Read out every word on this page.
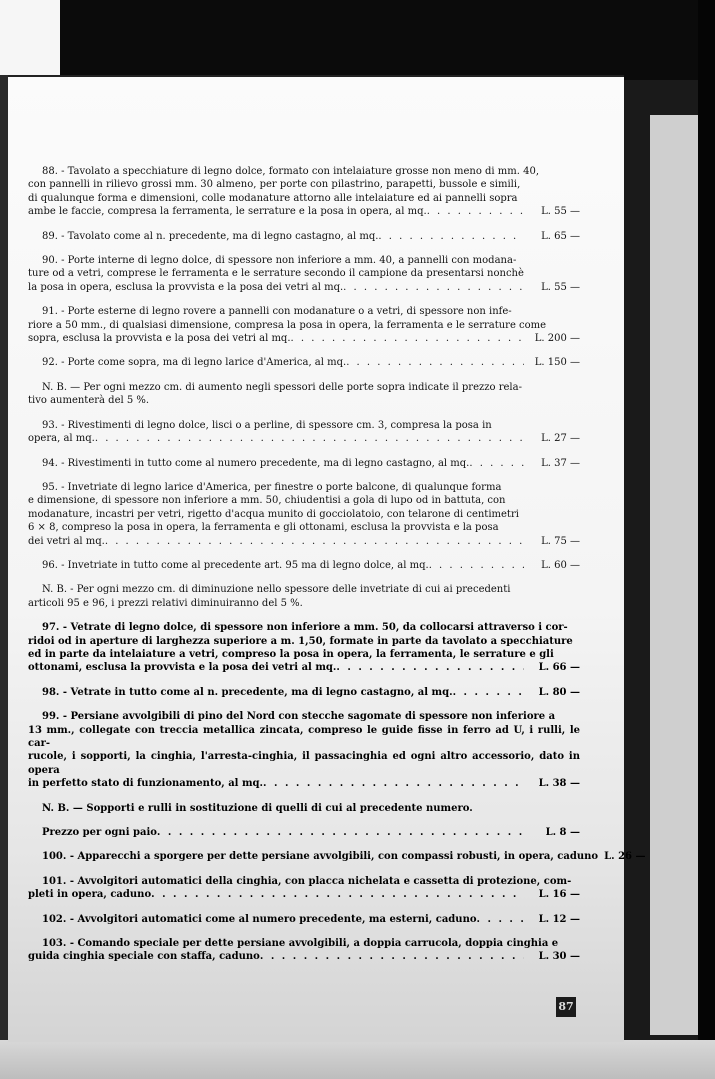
88. - Tavolato a specchiature di legno dolce, formato con intelaiature grosse non meno di mm. 40,

con pannelli in rilievo grossi mm. 30 almeno, per porte con pilastrino, parapetti, bussole e simili,

di qualunque forma e dimensioni, colle modanature attorno alle intelaiature ed ai pannelli sopra

ambe le faccie, compresa la ferramenta, le serrature e la posa in opera, al mq. . . .	L. 55 —
89. - Tavolato come al n. precedente, ma di legno castagno, al mq. . . .	L. 65 —

90. - Porte interne di legno dolce, di spessore non inferiore a mm. 40, a pannelli con modana-

ture od a vetri, comprese le ferramenta e le serrature secondo il campione da presentarsi nonchè

la posa in opera, esclusa la provvista e la posa dei vetri al mq. . . .	L. 55 —

91. - Porte esterne di legno rovere a pannelli con modanature o a vetri, di spessore non infe-

riore a 50 mm., di qualsiasi dimensione, compresa la posa in opera, la ferramenta e le serrature come

sopra, esclusa la provvista e la posa dei vetri al mq. . . .	L. 200 —
92. - Porte come sopra, ma di legno larice d'America, al mq. . . .	L. 150 —

N. B. — Per ogni mezzo cm. di aumento negli spessori delle porte sopra indicate il prezzo rela-

tivo aumenterà del 5 %.

93. - Rivestimenti di legno dolce, lisci o a perline, di spessore cm. 3, compresa la posa in

opera, al mq. . . .	L. 27 —
94. - Rivestimenti in tutto come al numero precedente, ma di legno castagno, al mq. . . .	L. 37 —

95. - Invetriate di legno larice d'America, per finestre o porte balcone, di qualunque forma

e dimensione, di spessore non inferiore a mm. 50, chiudentisi a gola di lupo od in battuta, con

modanature, incastri per vetri, rigetto d'acqua munito di gocciolatoio, con telarone di centimetri

6 × 8, compreso la posa in opera, la ferramenta e gli ottonami, esclusa la provvista e la posa

dei vetri al mq. . . .	L. 75 —
96. - Invetriate in tutto come al precedente art. 95 ma di legno dolce, al mq. . . .	L. 60 —

N. B. - Per ogni mezzo cm. di diminuzione nello spessore delle invetriate di cui ai precedenti

articoli 95 e 96, i prezzi relativi diminuiranno del 5 %.

97. - Vetrate di legno dolce, di spessore non inferiore a mm. 50, da collocarsi attraverso i cor-

ridoi od in aperture di larghezza superiore a m. 1,50, formate in parte da tavolato a specchiature

ed in parte da intelaiature a vetri, compreso la posa in opera, la ferramenta, le serrature e gli

ottonami, esclusa la provvista e la posa dei vetri al mq. . . .	L. 66 —
98. - Vetrate in tutto come al n. precedente, ma di legno castagno, al mq. . . .	L. 80 —

99. - Persiane avvolgibili di pino del Nord con stecche sagomate di spessore non inferiore a

13 mm., collegate con treccia metallica zincata, compreso le guide fisse in ferro ad U, i rulli, le car-

rucole, i sopporti, la cinghia, l'arresta-cinghia, il passacinghia ed ogni altro accessorio, dato in opera

in perfetto stato di funzionamento, al mq. . . .	L. 38 —

N. B. — Sopporti e rulli in sostituzione di quelli di cui al precedente numero.

Prezzo per ogni paio . . .	L. 8 —
100. - Apparecchi a sporgere per dette persiane avvolgibili, con compassi robusti, in opera, caduno L. 26 —

101. - Avvolgitori automatici della cinghia, con placca nichelata e cassetta di protezione, com-

pleti in opera, caduno . . .	L. 16 —
102. - Avvolgitori automatici come al numero precedente, ma esterni, caduno . . .	L. 12 —

103. - Comando speciale per dette persiane avvolgibili, a doppia carrucola, doppia cinghia e

guida cinghia speciale con staffa, caduno . . .	L. 30 —
87
